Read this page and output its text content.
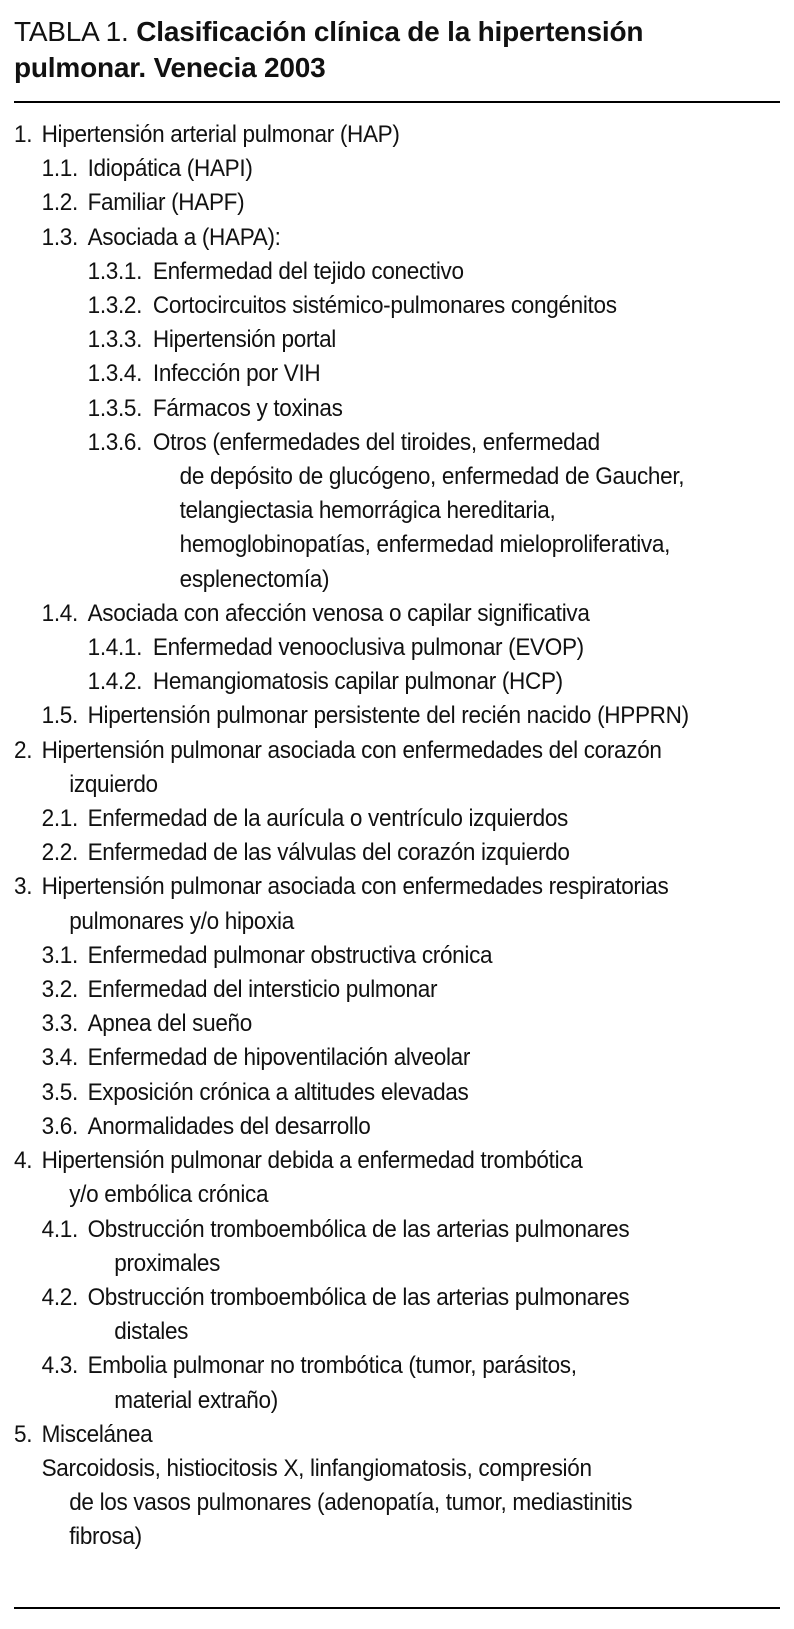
TABLA 1. Clasificación clínica de la hipertensión
pulmonar. Venecia 2003
1. Hipertensión arterial pulmonar (HAP)
1.1. Idiopática (HAPI)
1.2. Familiar (HAPF)
1.3. Asociada a (HAPA):
1.3.1. Enfermedad del tejido conectivo
1.3.2. Cortocircuitos sistémico-pulmonares congénitos
1.3.3. Hipertensión portal
1.3.4. Infección por VIH
1.3.5. Fármacos y toxinas
1.3.6. Otros (enfermedades del tiroides, enfermedad
de depósito de glucógeno, enfermedad de Gaucher,
telangiectasia hemorrágica hereditaria,
hemoglobinopatías, enfermedad mieloproliferativa,
esplenectomía)
1.4. Asociada con afección venosa o capilar significativa
1.4.1. Enfermedad venooclusiva pulmonar (EVOP)
1.4.2. Hemangiomatosis capilar pulmonar (HCP)
1.5. Hipertensión pulmonar persistente del recién nacido (HPPRN)
2. Hipertensión pulmonar asociada con enfermedades del corazón
izquierdo
2.1. Enfermedad de la aurícula o ventrículo izquierdos
2.2. Enfermedad de las válvulas del corazón izquierdo
3. Hipertensión pulmonar asociada con enfermedades respiratorias
pulmonares y/o hipoxia
3.1. Enfermedad pulmonar obstructiva crónica
3.2. Enfermedad del intersticio pulmonar
3.3. Apnea del sueño
3.4. Enfermedad de hipoventilación alveolar
3.5. Exposición crónica a altitudes elevadas
3.6. Anormalidades del desarrollo
4. Hipertensión pulmonar debida a enfermedad trombótica
y/o embólica crónica
4.1. Obstrucción tromboembólica de las arterias pulmonares
proximales
4.2. Obstrucción tromboembólica de las arterias pulmonares
distales
4.3. Embolia pulmonar no trombótica (tumor, parásitos,
material extraño)
5. Miscelánea
Sarcoidosis, histiocitosis X, linfangiomatosis, compresión
de los vasos pulmonares (adenopatía, tumor, mediastinitis
fibrosa)
